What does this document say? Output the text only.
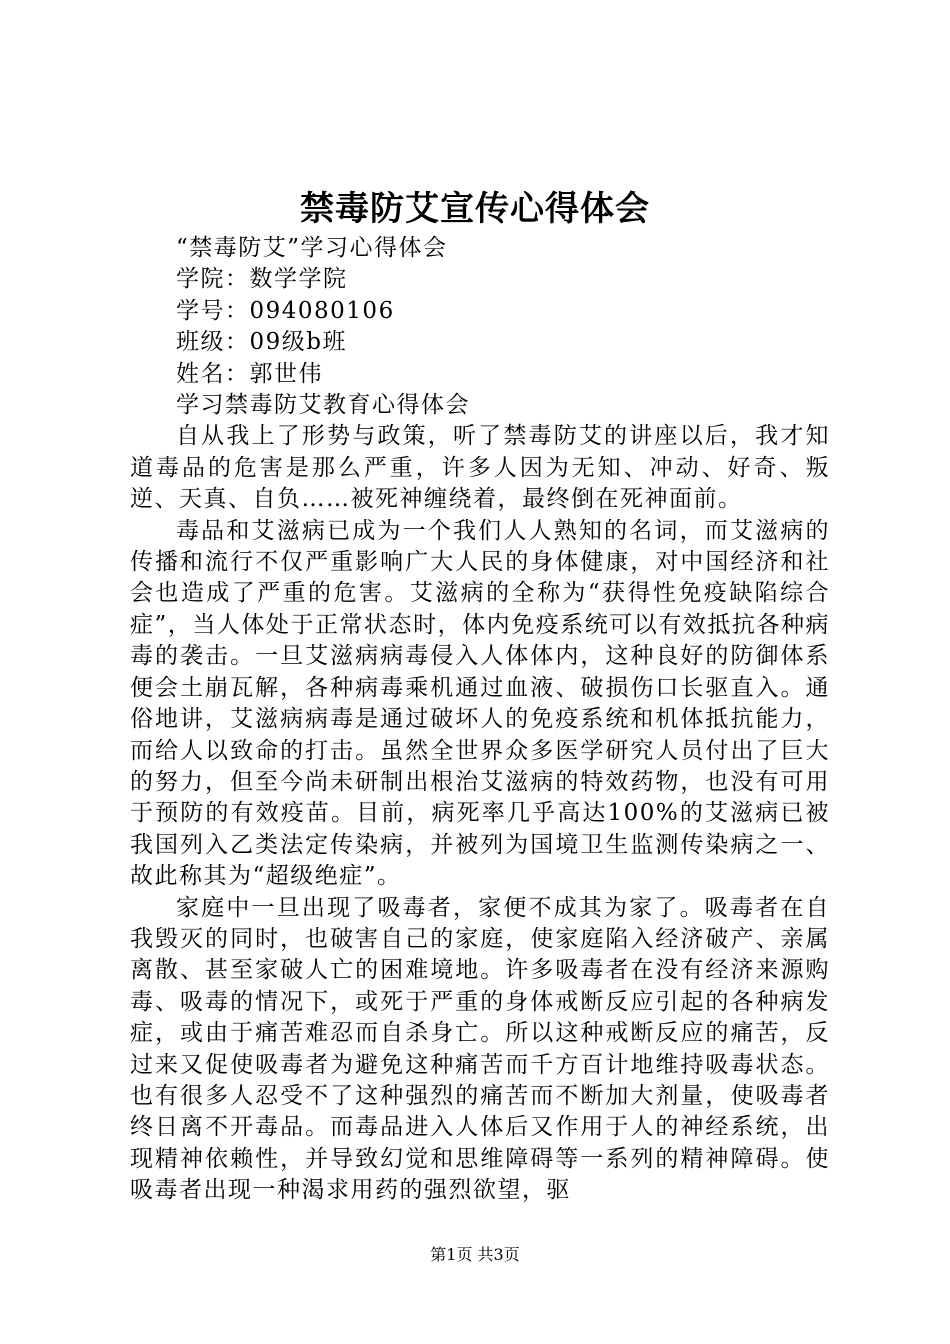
禁毒防艾宣传心得体会

“禁毒防艾”学习心得体会

学院：数学学院

学号：094080106

班级：09级b班

姓名：郭世伟

学习禁毒防艾教育心得体会

自从我上了形势与政策，听了禁毒防艾的讲座以后，我才知道毒品的危害是那么严重，许多人因为无知、冲动、好奇、叛逆、天真、自负……被死神缠绕着，最终倒在死神面前。

毒品和艾滋病已成为一个我们人人熟知的名词，而艾滋病的传播和流行不仅严重影响广大人民的身体健康，对中国经济和社会也造成了严重的危害。艾滋病的全称为“获得性免疫缺陷综合症”，当人体处于正常状态时，体内免疫系统可以有效抵抗各种病毒的袭击。一旦艾滋病病毒侵入人体体内，这种良好的防御体系便会土崩瓦解，各种病毒乘机通过血液、破损伤口长驱直入。通俗地讲，艾滋病病毒是通过破坏人的免疫系统和机体抵抗能力，而给人以致命的打击。虽然全世界众多医学研究人员付出了巨大的努力，但至今尚未研制出根治艾滋病的特效药物，也没有可用于预防的有效疫苗。目前，病死率几乎高达100%的艾滋病已被我国列入乙类法定传染病，并被列为国境卫生监测传染病之一、故此称其为“超级绝症”。

家庭中一旦出现了吸毒者，家便不成其为家了。吸毒者在自我毁灭的同时，也破害自己的家庭，使家庭陷入经济破产、亲属离散、甚至家破人亡的困难境地。许多吸毒者在没有经济来源购毒、吸毒的情况下，或死于严重的身体戒断反应引起的各种病发症，或由于痛苦难忍而自杀身亡。所以这种戒断反应的痛苦，反过来又促使吸毒者为避免这种痛苦而千方百计地维持吸毒状态。也有很多人忍受不了这种强烈的痛苦而不断加大剂量，使吸毒者终日离不开毒品。而毒品进入人体后又作用于人的神经系统，出现精神依赖性，并导致幻觉和思维障碍等一系列的精神障碍。使吸毒者出现一种渴求用药的强烈欲望，驱

第1页 共3页
